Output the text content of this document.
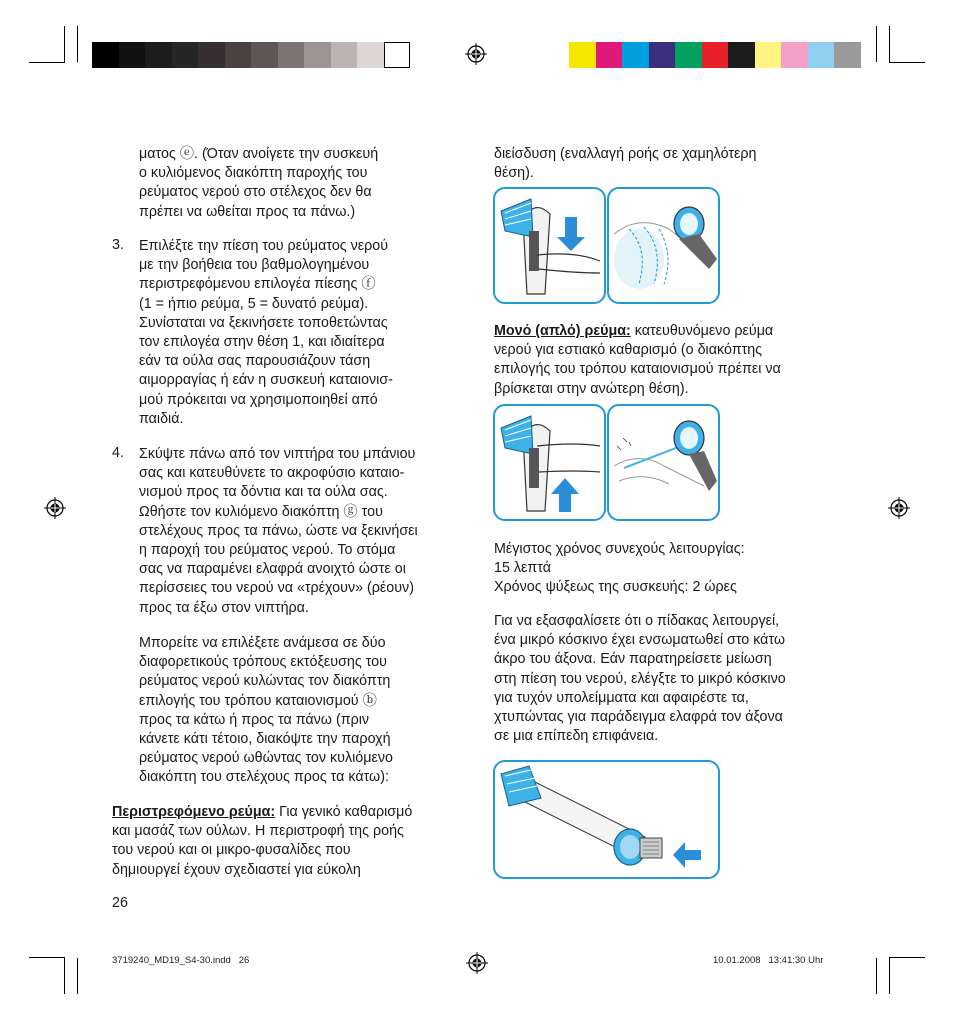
ματος ⓔ. (Όταν ανοίγετε την συσκευή
ο κυλιόμενος διακόπτη παροχής του
ρεύματος νερού στο στέλεχος δεν θα
πρέπει να ωθείται προς τα πάνω.)
3. Επιλέξτε την πίεση του ρεύματος νερού
με την βοήθεια του βαθμολογημένου
περιστρεφόμενου επιλογέα πίεσης ⓕ
(1 = ήπιο ρεύμα, 5 = δυνατό ρεύμα).
Συνίσταται να ξεκινήσετε τοποθετώντας
τον επιλογέα στην θέση 1, και ιδιαίτερα
εάν τα ούλα σας παρουσιάζουν τάση
αιμορραγίας ή εάν η συσκευή καταιονισ-
μού πρόκειται να χρησιμοποιηθεί από
παιδιά.
4. Σκύψτε πάνω από τον νιπτήρα του μπάνιου
σας και κατευθύνετε το ακροφύσιο καταιο-
νισμού προς τα δόντια και τα ούλα σας.
Ωθήστε τον κυλιόμενο διακόπτη ⓖ του
στελέχους προς τα πάνω, ώστε να ξεκινήσει
η παροχή του ρεύματος νερού. Το στόμα
σας να παραμένει ελαφρά ανοιχτό ώστε οι
περίσσειες του νερού να «τρέχουν» (ρέουν)
προς τα έξω στον νιπτήρα.
Μπορείτε να επιλέξετε ανάμεσα σε δύο
διαφορετικούς τρόπους εκτόξευσης του
ρεύματος νερού κυλώντας τον διακόπτη
επιλογής του τρόπου καταιονισμού ⓑ
προς τα κάτω ή προς τα πάνω (πριν
κάνετε κάτι τέτοιο, διακόψτε την παροχή
ρεύματος νερού ωθώντας τον κυλιόμενο
διακόπτη του στελέχους προς τα κάτω):
Περιστρεφόμενο ρεύμα: Για γενικό καθαρισμό
και μασάζ των ούλων. Η περιστροφή της ροής
του νερού και οι μικρο-φυσαλίδες που
δημιουργεί έχουν σχεδιαστεί για εύκολη
26
διείσδυση (εναλλαγή ροής σε χαμηλότερη
θέση).
Μονό (απλό) ρεύμα: κατευθυνόμενο ρεύμα
νερού για εστιακό καθαρισμό (ο διακόπτης
επιλογής του τρόπου καταιονισμού πρέπει να
βρίσκεται στην ανώτερη θέση).
Μέγιστος χρόνος συνεχούς λειτουργίας:
15 λεπτά
Χρόνος ψύξεως της συσκευής: 2 ώρες
Για να εξασφαλίσετε ότι ο πίδακας λειτουργεί,
ένα μικρό κόσκινο έχει ενσωματωθεί στο κάτω
άκρο του άξονα. Εάν παρατηρείσετε μείωση
στη πίεση του νερού, ελέγξτε το μικρό κόσκινο
για τυχόν υπολείμματα και αφαιρέστε τα,
χτυπώντας για παράδειγμα ελαφρά τον άξονα
σε μια επίπεδη επιφάνεια.
3719240_MD19_S4-30.indd   26	10.01.2008   13:41:30 Uhr
